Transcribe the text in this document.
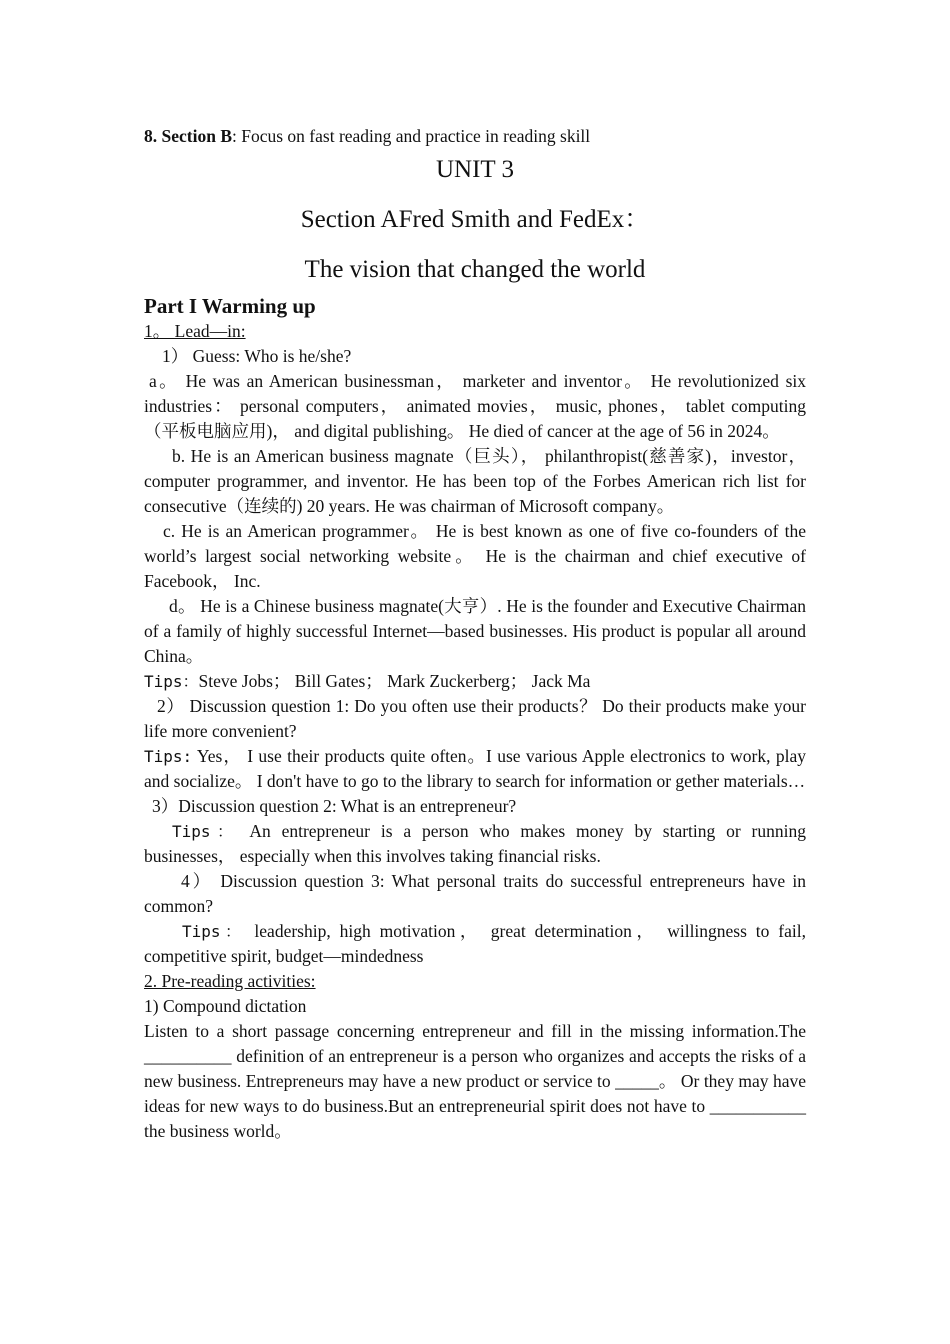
8. Section B: Focus on fast reading and practice in reading skill

UNIT 3

Section AFred Smith and FedEx：

The vision that changed the world

Part I Warming up

1。 Lead—in:

1） Guess: Who is he/she?

a。 He was an American businessman， marketer and inventor。 He revolutionized six industries： personal computers， animated movies， music, phones， tablet computing（平板电脑应用)， and digital publishing。 He died of cancer at the age of 56 in 2024。

b. He is an American business magnate（巨头）， philanthropist(慈善家)，investor， computer programmer, and inventor. He has been top of the Forbes American rich list for consecutive（连续的) 20 years. He was chairman of Microsoft company。

c. He is an American programmer。 He is best known as one of five co-founders of the world’s largest social networking website。 He is the chairman and chief executive of Facebook， Inc.

d。 He is a Chinese business magnate(大亨）. He is the founder and Executive Chairman of a family of highly successful Internet—based businesses. His product is popular all around China。

Tips：Steve Jobs； Bill Gates； Mark Zuckerberg； Jack Ma

2） Discussion question 1: Do you often use their products？ Do their products make your life more convenient?

Tips: Yes， I use their products quite often。I use various Apple electronics to work, play and socialize。 I don't have to go to the library to search for information or gether materials…

3）Discussion question 2: What is an entrepreneur?

Tips： An entrepreneur is a person who makes money by starting or running businesses， especially when this involves taking financial risks.

4） Discussion question 3: What personal traits do successful entrepreneurs have in common?

Tips： leadership, high motivation， great determination， willingness to fail, competitive spirit, budget—mindedness

2. Pre-reading activities:

1) Compound dictation

Listen to a short passage concerning entrepreneur and fill in the missing information.The __________ definition of an entrepreneur is a person who organizes and accepts the risks of a new business. Entrepreneurs may have a new product or service to _____。 Or they may have ideas for new ways to do business.But an entrepreneurial spirit does not have to ___________ the business world。
